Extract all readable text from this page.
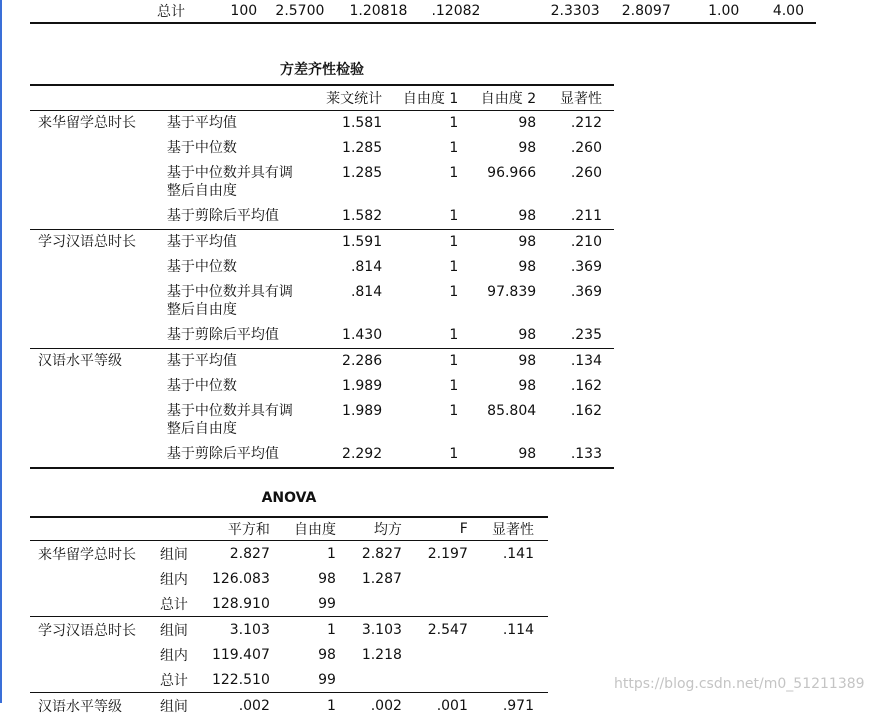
	总计	100	2.5700	1.20818	.12082	2.3303	2.8097	1.00	4.00
方差齐性检验
		莱文统计	自由度 1	自由度 2	显著性
来华留学总时长	基于平均值	1.581	1	98	.212
	基于中位数	1.285	1	98	.260
	基于中位数并具有调整后自由度	1.285	1	96.966	.260
	基于剪除后平均值	1.582	1	98	.211
学习汉语总时长	基于平均值	1.591	1	98	.210
	基于中位数	.814	1	98	.369
	基于中位数并具有调整后自由度	.814	1	97.839	.369
	基于剪除后平均值	1.430	1	98	.235
汉语水平等级	基于平均值	2.286	1	98	.134
	基于中位数	1.989	1	98	.162
	基于中位数并具有调整后自由度	1.989	1	85.804	.162
	基于剪除后平均值	2.292	1	98	.133
ANOVA
		平方和	自由度	均方	F	显著性
来华留学总时长	组间	2.827	1	2.827	2.197	.141
	组内	126.083	98	1.287		
	总计	128.910	99			
学习汉语总时长	组间	3.103	1	3.103	2.547	.114
	组内	119.407	98	1.218		
	总计	122.510	99			
汉语水平等级	组间	.002	1	.002	.001	.971
https://blog.csdn.net/m0_51211389
